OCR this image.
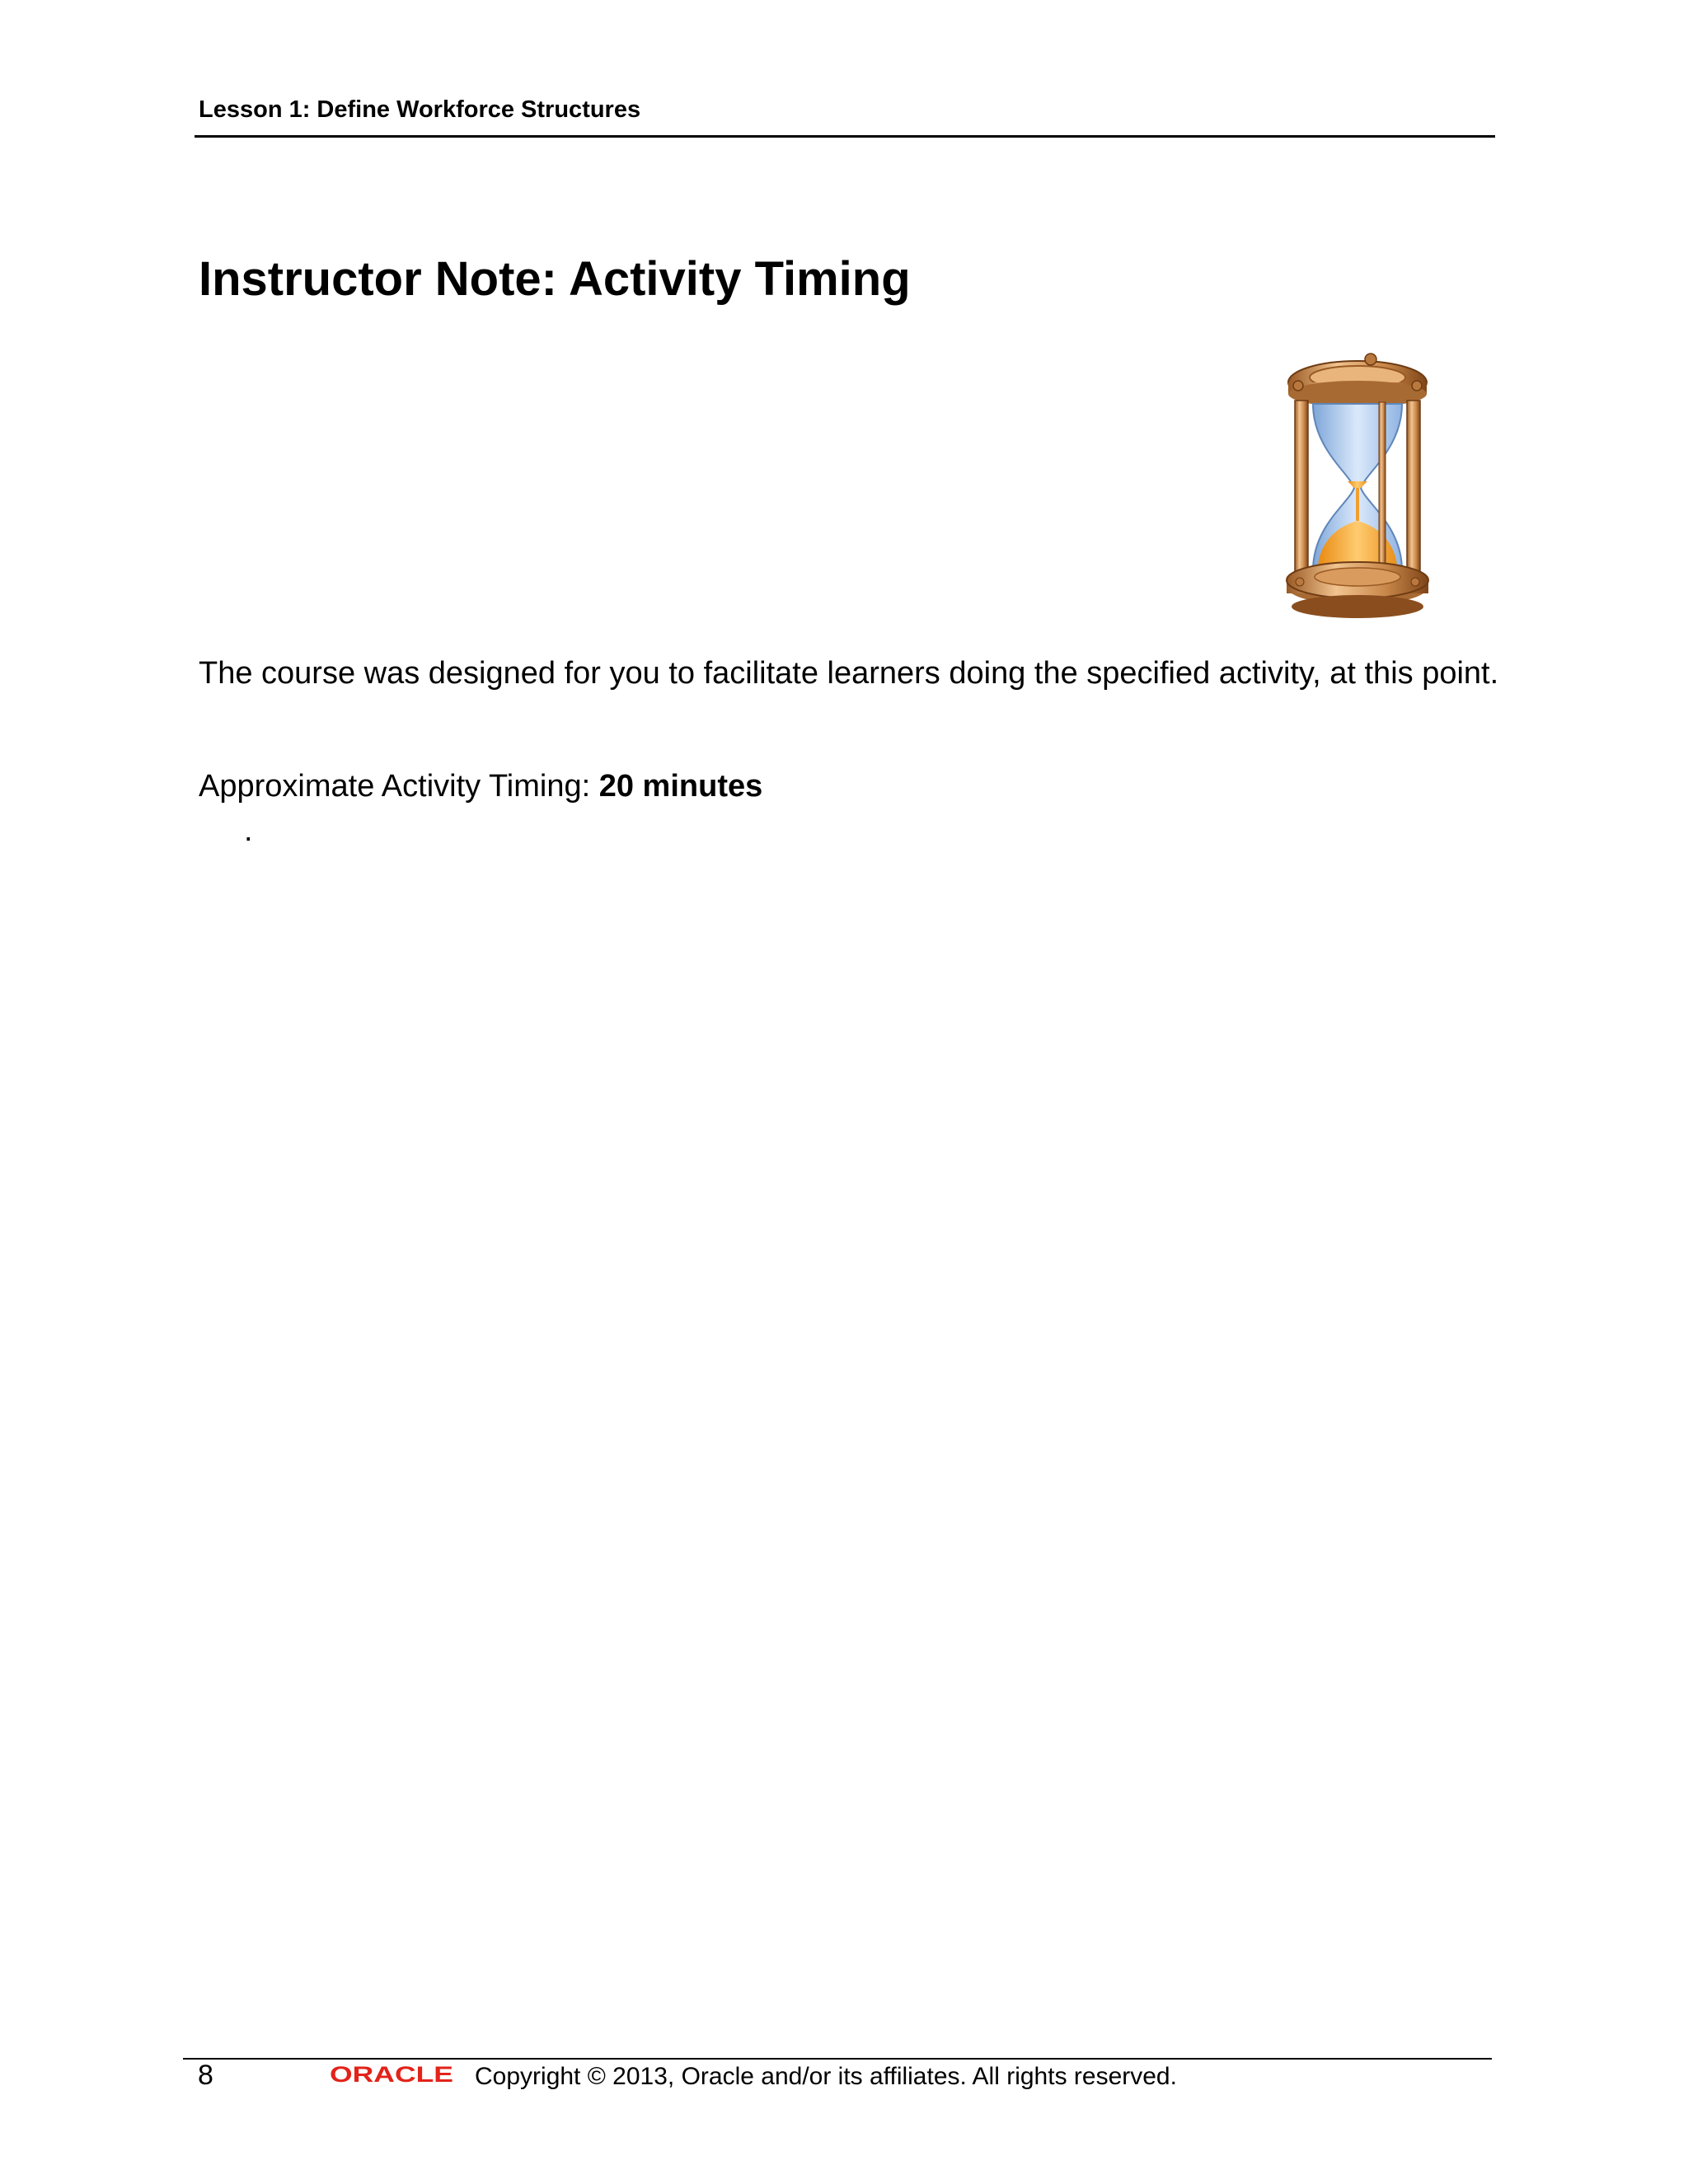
Lesson 1: Define Workforce Structures
Instructor Note: Activity Timing

The course was designed for you to facilitate learners doing the specified activity, at this point.

Approximate Activity Timing: 20 minutes
.
8	ORACLE Copyright © 2013, Oracle and/or its affiliates. All rights reserved.
